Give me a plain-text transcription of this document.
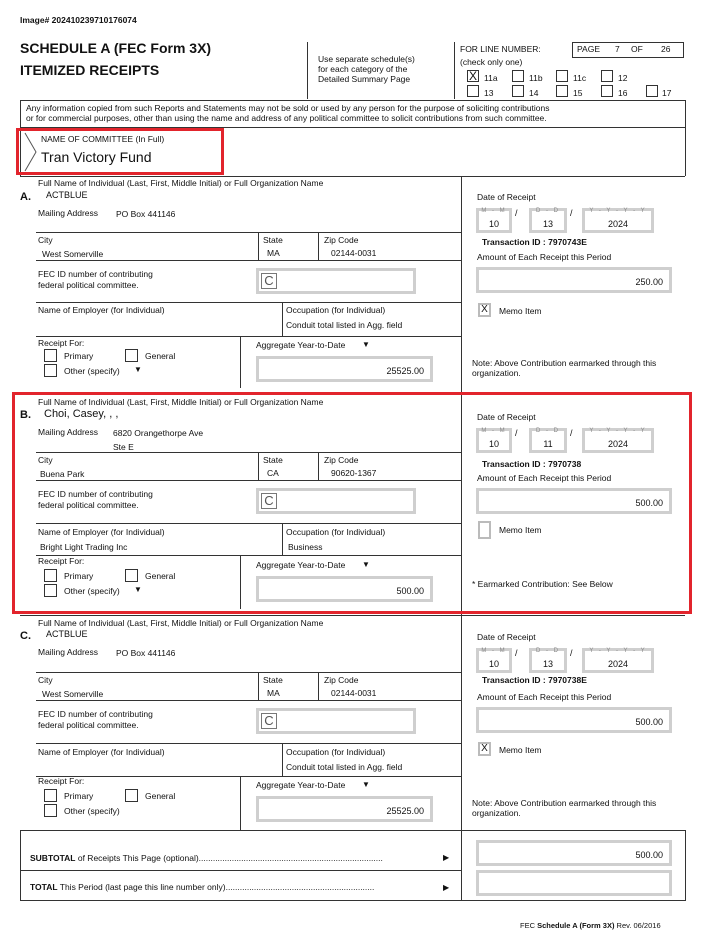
Image# 202410239710176074
SCHEDULE A (FEC Form 3X)
ITEMIZED RECEIPTS
Use separate schedule(s)
for each category of the
Detailed Summary Page
FOR LINE NUMBER:
(check only one)
PAGE 7 OF 26
X 11a	11b	11c	12
13	14	15	16	17
Any information copied from such Reports and Statements may not be sold or used by any person for the purpose of soliciting contributions
or for commercial purposes, other than using the name and address of any political committee to solicit contributions from such committee.
NAME OF COMMITTEE (In Full)
Tran Victory Fund
Full Name of Individual (Last, First, Middle Initial) or Full Organization Name
A. ACTBLUE
Mailing Address PO Box 441146
City
West Somerville
State
MA
Zip Code
02144-0031
FEC ID number of contributing
federal political committee.	C
Name of Employer (for Individual)	Occupation (for Individual)
Conduit total listed in Agg. field
Receipt For:
Primary	General
Other (specify) ▼
Aggregate Year-to-Date ▼
25525.00
Date of Receipt
M - M
10
/	D - D
13
/	Y - Y - Y - Y
2024
Transaction ID : 7970743E
Amount of Each Receipt this Period
250.00
X	Memo Item
Note: Above Contribution earmarked through this organization.
Full Name of Individual (Last, First, Middle Initial) or Full Organization Name
B. Choi, Casey, , ,
Mailing Address 6820 Orangethorpe Ave
Ste E
City
Buena Park
State
CA
Zip Code
90620-1367
FEC ID number of contributing
federal political committee.	C
Name of Employer (for Individual)
Bright Light Trading Inc
Occupation (for Individual)
Business
Receipt For:
Primary	General
Other (specify) ▼
Aggregate Year-to-Date ▼
500.00
Date of Receipt
M - M
10
/	D - D
11
/	Y - Y - Y - Y
2024
Transaction ID : 7970738
Amount of Each Receipt this Period
500.00
Memo Item
* Earmarked Contribution: See Below
Full Name of Individual (Last, First, Middle Initial) or Full Organization Name
C. ACTBLUE
Mailing Address PO Box 441146
City
West Somerville
State
MA
Zip Code
02144-0031
FEC ID number of contributing
federal political committee.	C
Name of Employer (for Individual)	Occupation (for Individual)
Conduit total listed in Agg. field
Receipt For:
Primary	General
Other (specify)
Aggregate Year-to-Date ▼
25525.00
Date of Receipt
M - M
10
/	D - D
13
/	Y - Y - Y - Y
2024
Transaction ID : 7970738E
Amount of Each Receipt this Period
500.00
X	Memo Item
Note: Above Contribution earmarked through this organization.
SUBTOTAL of Receipts This Page (optional)..............................................................................	▶
TOTAL This Period (last page this line number only)...............................................................	▶
500.00
FEC Schedule A (Form 3X) Rev. 06/2016
